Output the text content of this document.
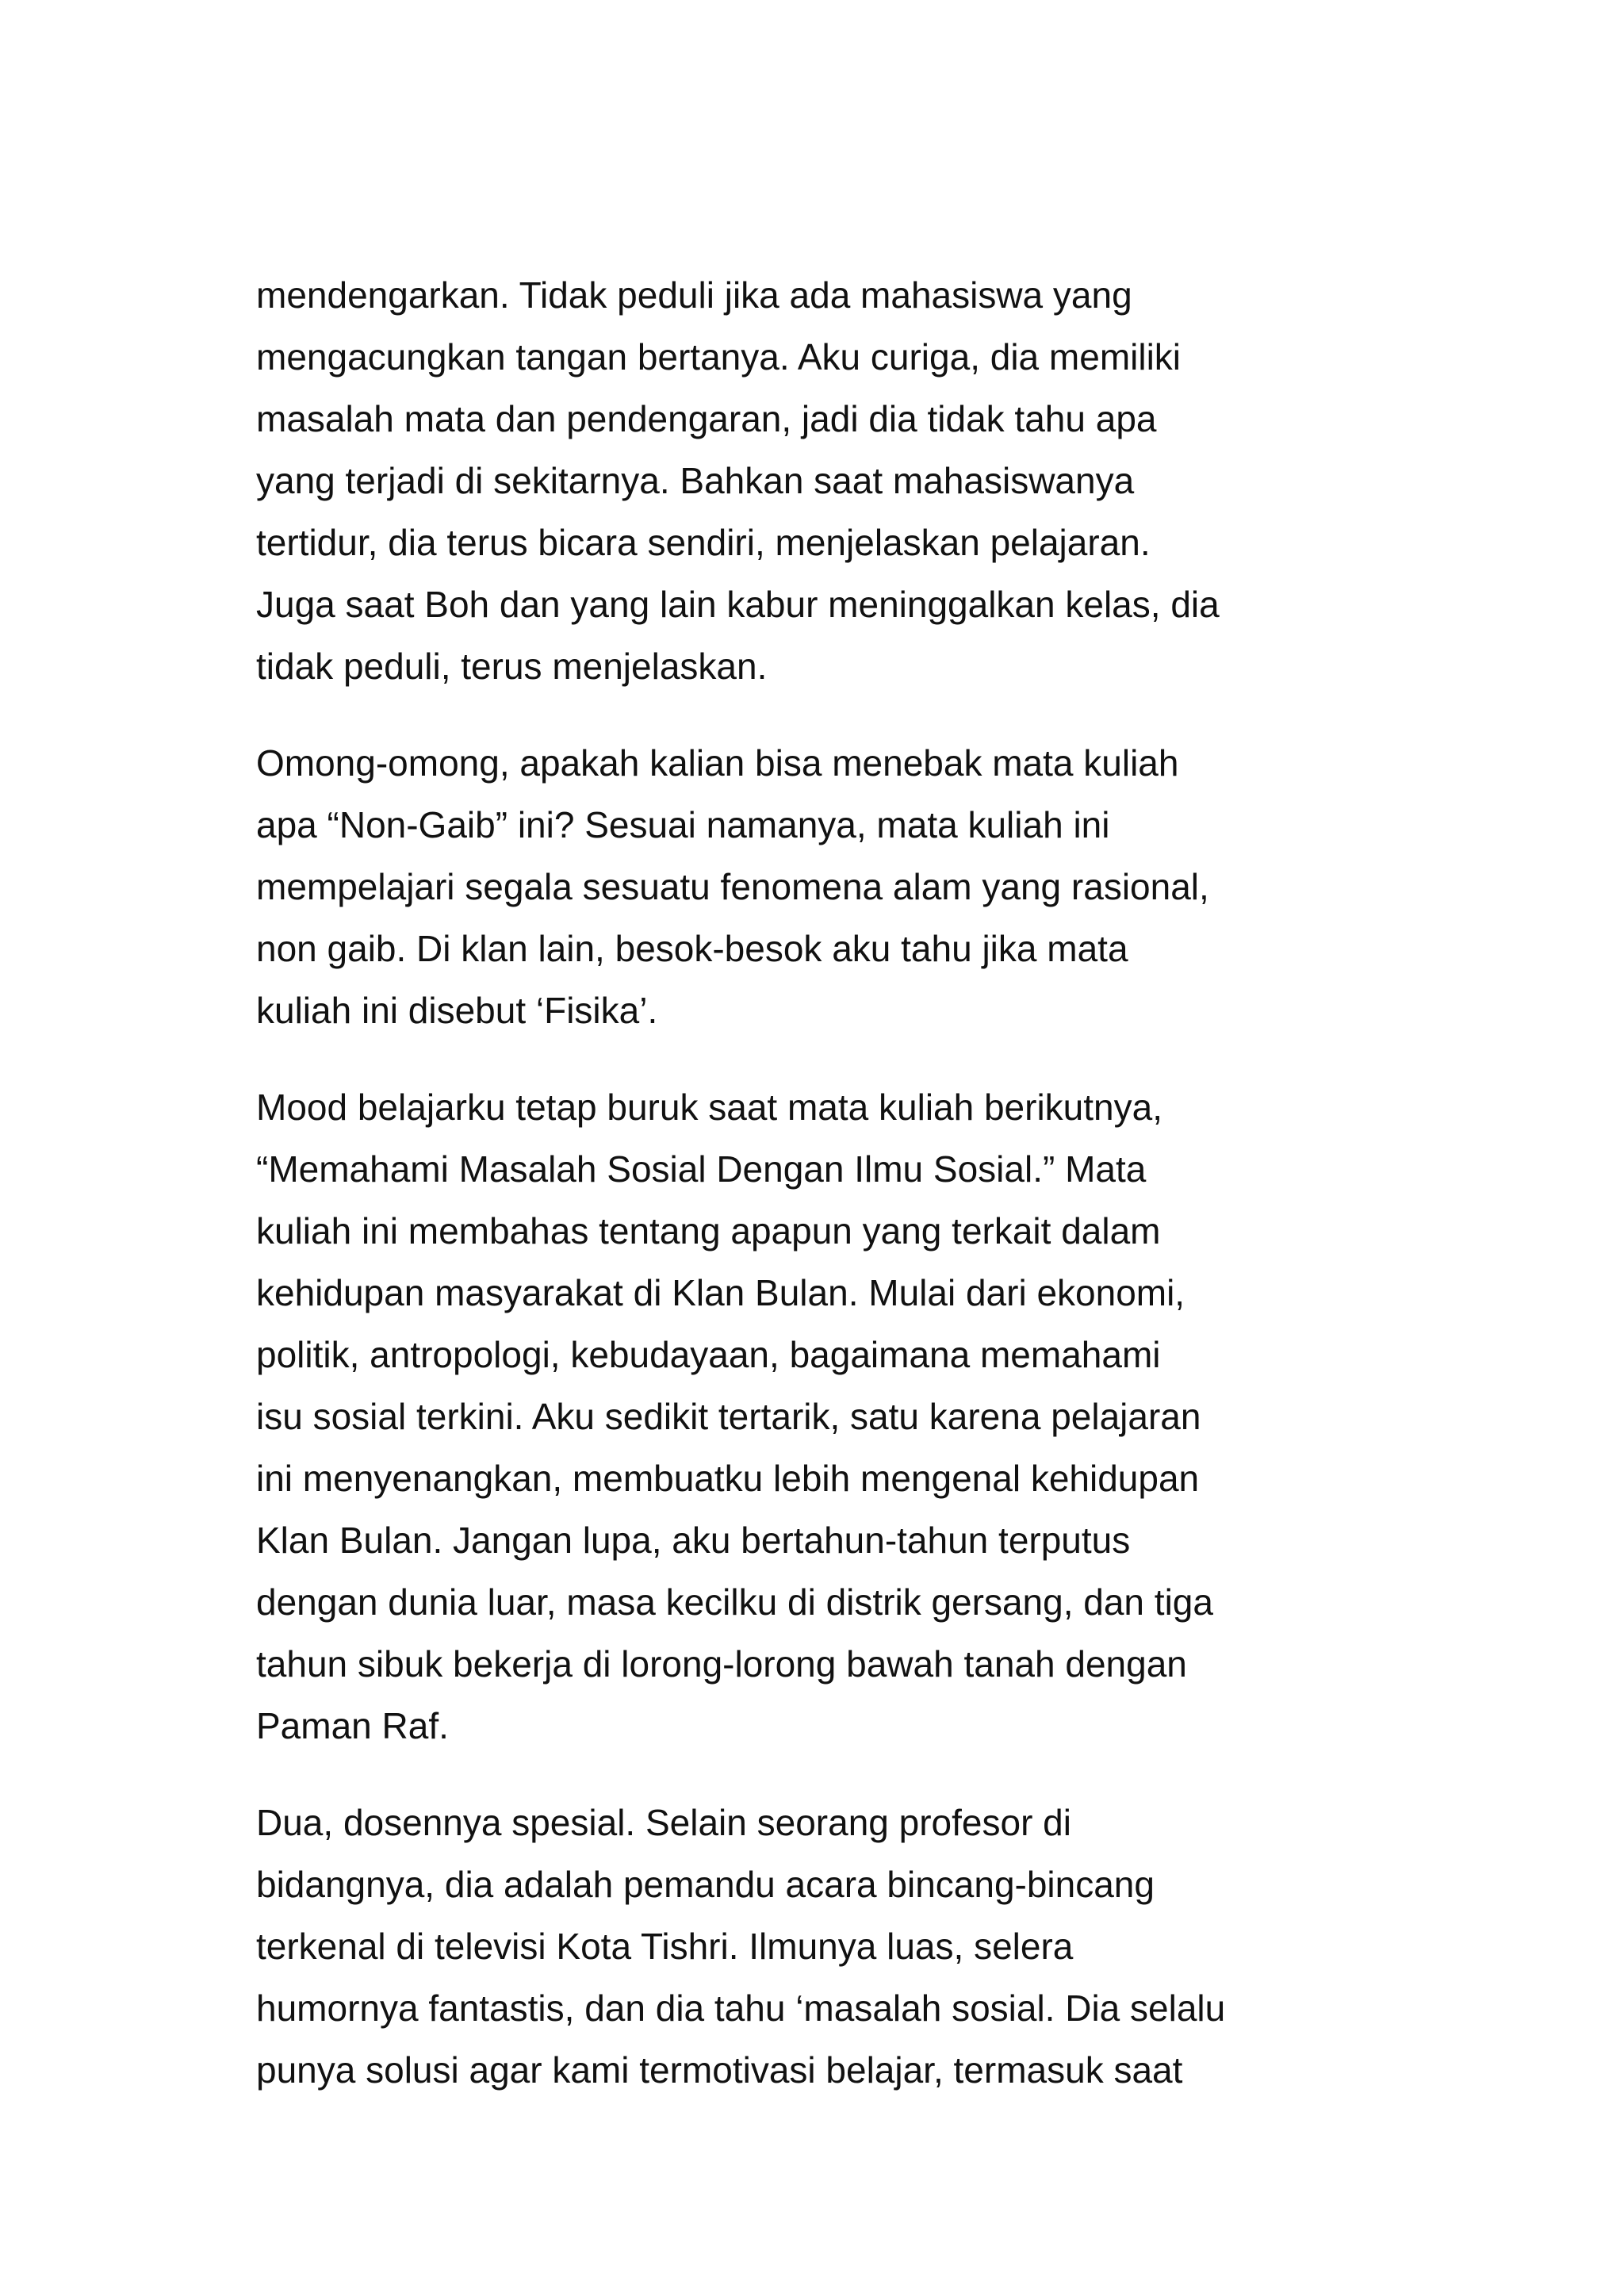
mendengarkan. Tidak peduli jika ada mahasiswa yang
mengacungkan tangan bertanya. Aku curiga, dia memiliki
masalah mata dan pendengaran, jadi dia tidak tahu apa
yang terjadi di sekitarnya. Bahkan saat mahasiswanya
tertidur, dia terus bicara sendiri, menjelaskan pelajaran.
Juga saat Boh dan yang lain kabur meninggalkan kelas, dia
tidak peduli, terus menjelaskan.

Omong-omong, apakah kalian bisa menebak mata kuliah
apa “Non-Gaib” ini? Sesuai namanya, mata kuliah ini
mempelajari segala sesuatu fenomena alam yang rasional,
non gaib. Di klan lain, besok-besok aku tahu jika mata
kuliah ini disebut ‘Fisika’.

Mood belajarku tetap buruk saat mata kuliah berikutnya,
“Memahami Masalah Sosial Dengan Ilmu Sosial.” Mata
kuliah ini membahas tentang apapun yang terkait dalam
kehidupan masyarakat di Klan Bulan. Mulai dari ekonomi,
politik, antropologi, kebudayaan, bagaimana memahami
isu sosial terkini. Aku sedikit tertarik, satu karena pelajaran
ini menyenangkan, membuatku lebih mengenal kehidupan
Klan Bulan. Jangan lupa, aku bertahun-tahun terputus
dengan dunia luar, masa kecilku di distrik gersang, dan tiga
tahun sibuk bekerja di lorong-lorong bawah tanah dengan
Paman Raf.

Dua, dosennya spesial. Selain seorang profesor di
bidangnya, dia adalah pemandu acara bincang-bincang
terkenal di televisi Kota Tishri. Ilmunya luas, selera
humornya fantastis, dan dia tahu ‘masalah sosial. Dia selalu
punya solusi agar kami termotivasi belajar, termasuk saat
